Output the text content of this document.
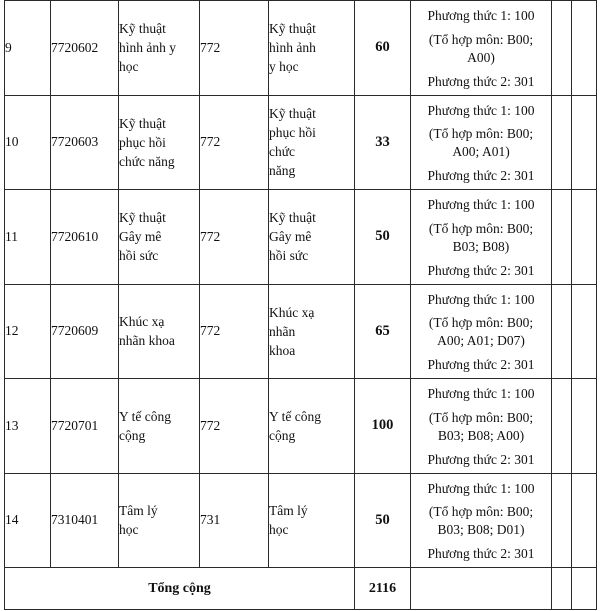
9	7720602	Kỹ thuật
hình ảnh y
học	772	Kỹ thuật
hình ảnh
y học	60	Phương thức 1: 100
(Tổ hợp môn: B00;
A00)
Phương thức 2: 301		

10	7720603	Kỹ thuật
phục hồi
chức năng	772	Kỹ thuật
phục hồi
chức
năng	33	Phương thức 1: 100
(Tổ hợp môn: B00;
A00; A01)
Phương thức 2: 301		

11	7720610	Kỹ thuật
Gây mê
hồi sức	772	Kỹ thuật
Gây mê
hồi sức	50	Phương thức 1: 100
(Tổ hợp môn: B00;
B03; B08)
Phương thức 2: 301		

12	7720609	Khúc xạ
nhãn khoa	772	Khúc xạ
nhãn
khoa	65	Phương thức 1: 100
(Tổ hợp môn: B00;
A00; A01; D07)
Phương thức 2: 301		

13	7720701	Y tế công
cộng	772	Y tế công
cộng	100	Phương thức 1: 100
(Tổ hợp môn: B00;
B03; B08; A00)
Phương thức 2: 301		

14	7310401	Tâm lý
học	731	Tâm lý
học	50	Phương thức 1: 100
(Tổ hợp môn: B00;
B03; B08; D01)
Phương thức 2: 301		

Tổng cộng					2116			
